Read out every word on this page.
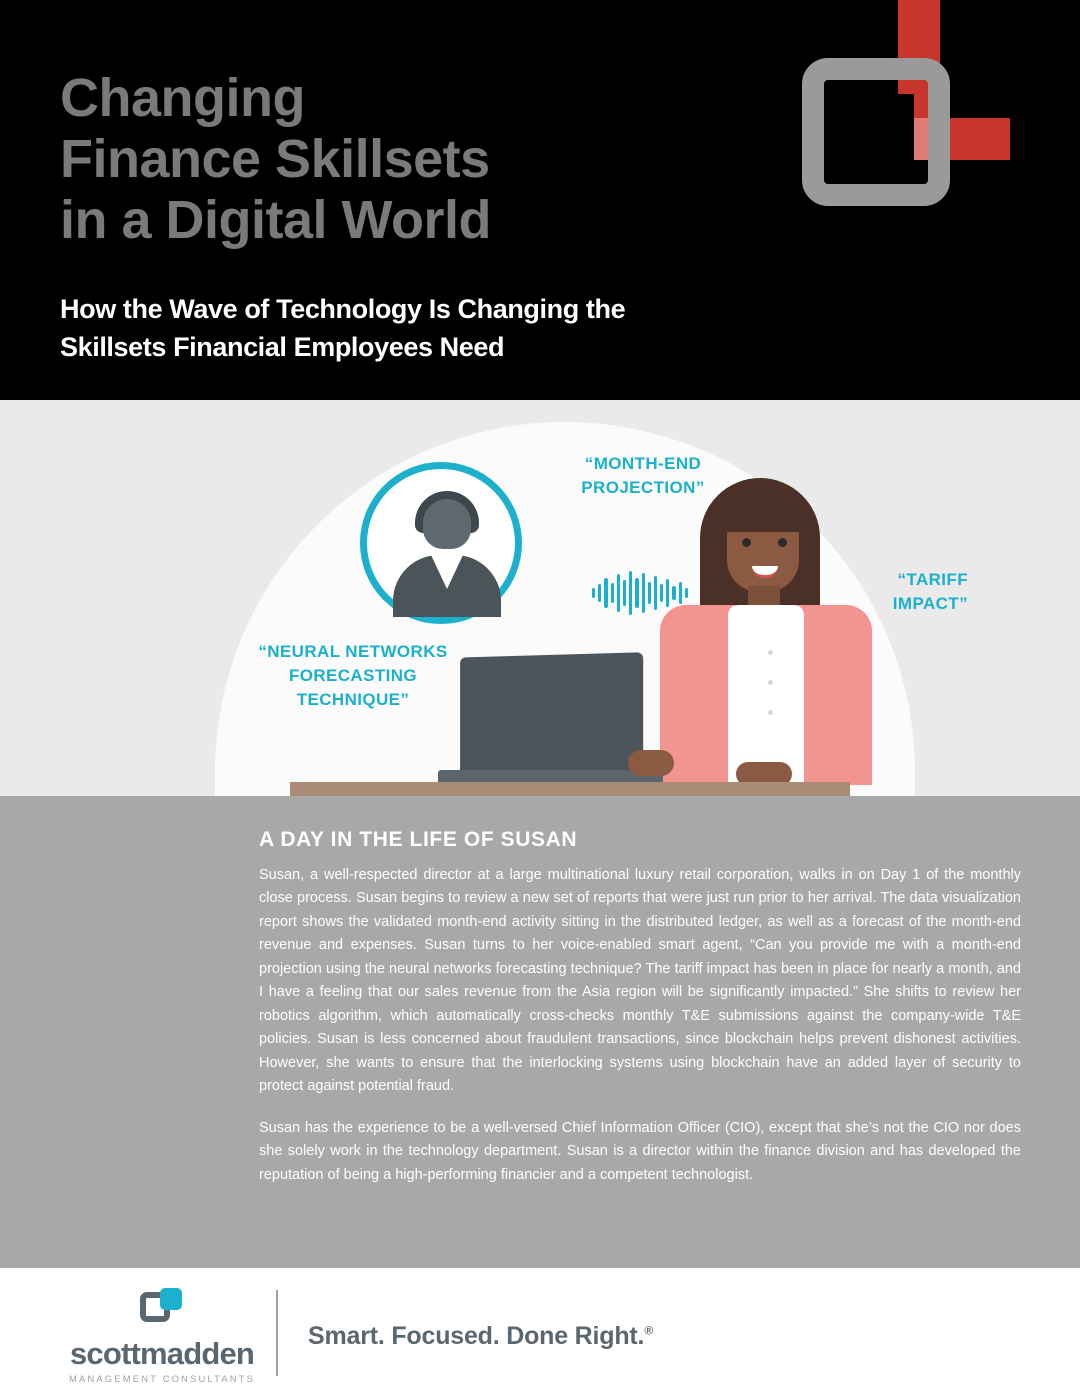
Changing
Finance Skillsets
in a Digital World
How the Wave of Technology Is Changing the
Skillsets Financial Employees Need
“MONTH-END PROJECTION”
“TARIFF IMPACT”
“NEURAL NETWORKS FORECASTING TECHNIQUE”
A DAY IN THE LIFE OF SUSAN
Susan, a well-respected director at a large multinational luxury retail corporation, walks in on Day 1 of the monthly close process. Susan begins to review a new set of reports that were just run prior to her arrival. The data visualization report shows the validated month-end activity sitting in the distributed ledger, as well as a forecast of the month-end revenue and expenses. Susan turns to her voice-enabled smart agent, “Can you provide me with a month-end projection using the neural networks forecasting technique? The tariff impact has been in place for nearly a month, and I have a feeling that our sales revenue from the Asia region will be significantly impacted.” She shifts to review her robotics algorithm, which automatically cross-checks monthly T&E submissions against the company-wide T&E policies. Susan is less concerned about fraudulent transactions, since blockchain helps prevent dishonest activities. However, she wants to ensure that the interlocking systems using blockchain have an added layer of security to protect against potential fraud.
Susan has the experience to be a well-versed Chief Information Officer (CIO), except that she’s not the CIO nor does she solely work in the technology department. Susan is a director within the finance division and has developed the reputation of being a high-performing financier and a competent technologist.
scottmadden
MANAGEMENT CONSULTANTS
Smart. Focused. Done Right.®
